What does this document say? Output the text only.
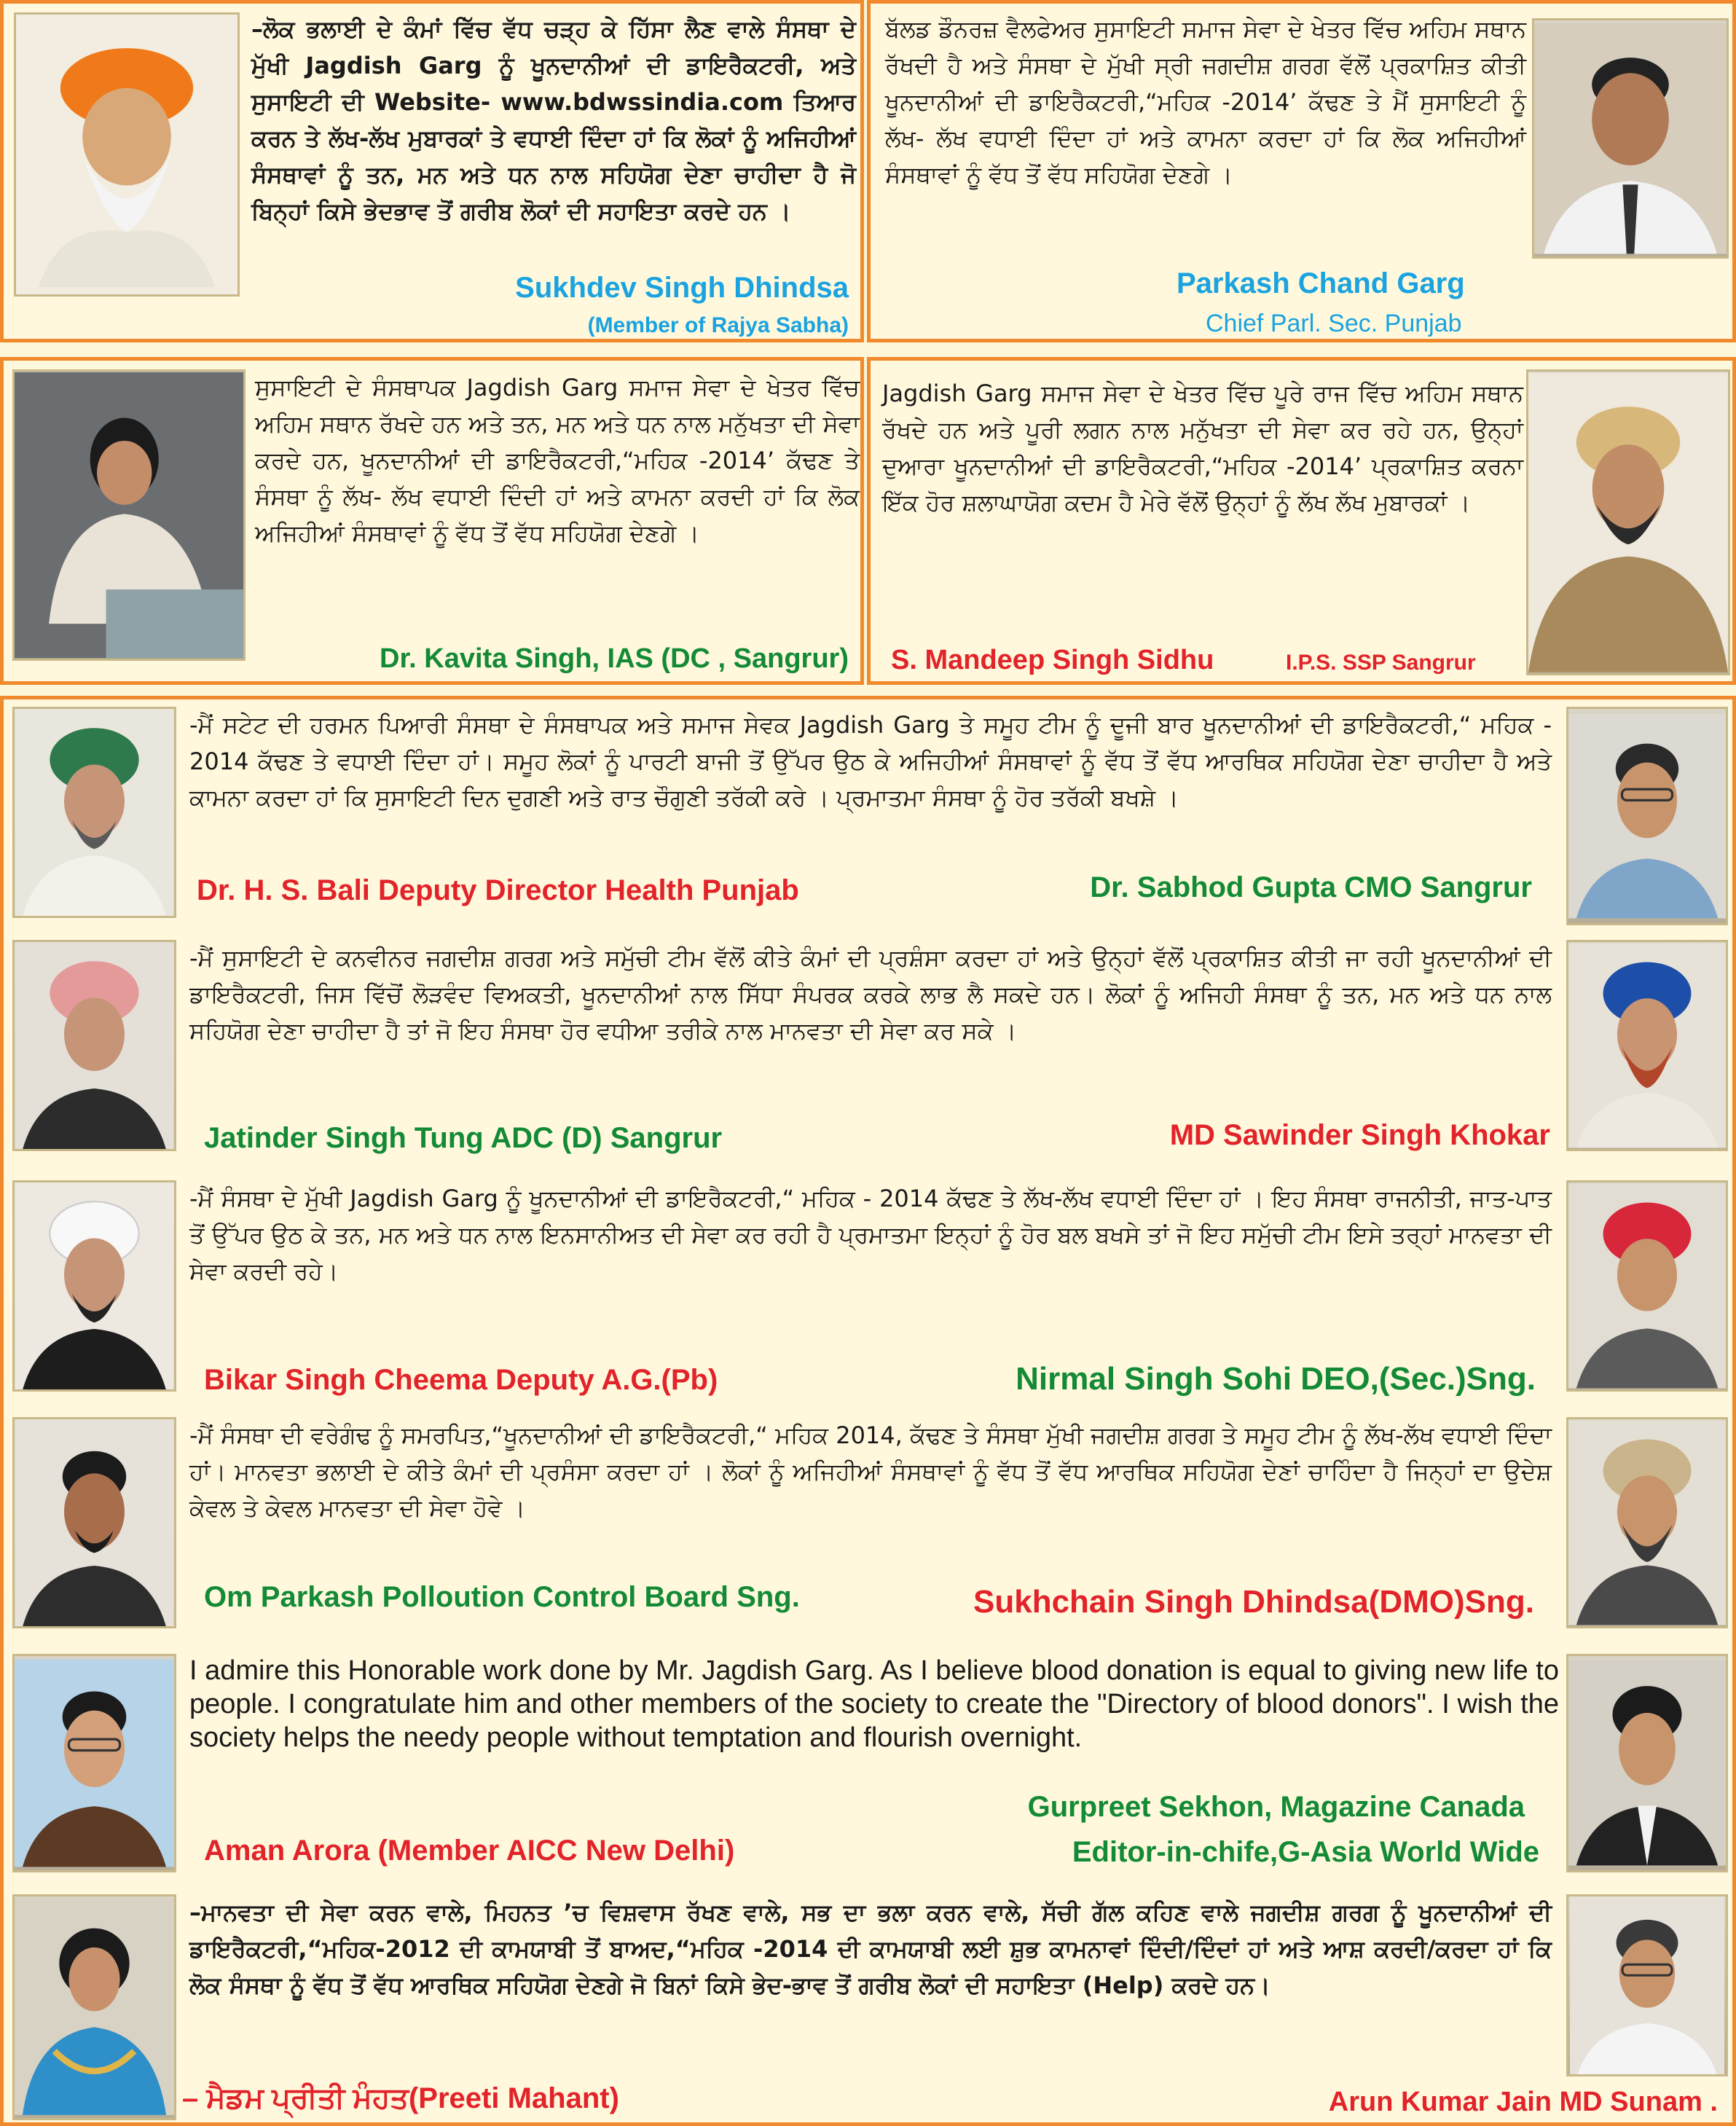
–ਲੋਕ ਭਲਾਈ ਦੇ ਕੰਮਾਂ ਵਿੱਚ ਵੱਧ ਚੜ੍ਹ ਕੇ ਹਿੱਸਾ ਲੈਣ ਵਾਲੇ ਸੰਸਥਾ ਦੇ ਮੁੱਖੀ Jagdish Garg ਨੂੰ ਖੂਨਦਾਨੀਆਂ ਦੀ ਡਾਇਰੈਕਟਰੀ, ਅਤੇ ਸੁਸਾਇਟੀ ਦੀ Website- www.bdwssindia.com ਤਿਆਰ ਕਰਨ ਤੇ ਲੱਖ-ਲੱਖ ਮੁਬਾਰਕਾਂ ਤੇ ਵਧਾਈ ਦਿੰਦਾ ਹਾਂ ਕਿ ਲੋਕਾਂ ਨੂੰ ਅਜਿਹੀਆਂ ਸੰਸਥਾਵਾਂ ਨੂੰ ਤਨ, ਮਨ ਅਤੇ ਧਨ ਨਾਲ ਸਹਿਯੋਗ ਦੇਣਾ ਚਾਹੀਦਾ ਹੈ ਜੋ ਬਿਨ੍ਹਾਂ ਕਿਸੇ ਭੇਦਭਾਵ ਤੋਂ ਗਰੀਬ ਲੋਕਾਂ ਦੀ ਸਹਾਇਤਾ ਕਰਦੇ ਹਨ ।

Sukhdev Singh Dhindsa

(Member of Rajya Sabha)

ਬੱਲਡ ਡੌਨਰਜ਼ ਵੈਲਫੇਅਰ ਸੁਸਾਇਟੀ ਸਮਾਜ ਸੇਵਾ ਦੇ ਖੇਤਰ ਵਿੱਚ ਅਹਿਮ ਸਥਾਨ ਰੱਖਦੀ ਹੈ ਅਤੇ ਸੰਸਥਾ ਦੇ ਮੁੱਖੀ ਸ੍ਰੀ ਜਗਦੀਸ਼ ਗਰਗ ਵੱਲੋਂ ਪ੍ਰਕਾਸ਼ਿਤ ਕੀਤੀ ਖੂਨਦਾਨੀਆਂ ਦੀ ਡਾਇਰੈਕਟਰੀ,“ਮਹਿਕ -2014’ ਕੱਢਣ ਤੇ ਮੈਂ ਸੁਸਾਇਟੀ ਨੂੰ ਲੱਖ- ਲੱਖ ਵਧਾਈ ਦਿੰਦਾ ਹਾਂ ਅਤੇ ਕਾਮਨਾ ਕਰਦਾ ਹਾਂ ਕਿ ਲੋਕ ਅਜਿਹੀਆਂ ਸੰਸਥਾਵਾਂ ਨੂੰ ਵੱਧ ਤੋਂ ਵੱਧ ਸਹਿਯੋਗ ਦੇਣਗੇ ।

Parkash Chand Garg

Chief Parl. Sec. Punjab

ਸੁਸਾਇਟੀ ਦੇ ਸੰਸਥਾਪਕ Jagdish Garg ਸਮਾਜ ਸੇਵਾ ਦੇ ਖੇਤਰ ਵਿੱਚ ਅਹਿਮ ਸਥਾਨ ਰੱਖਦੇ ਹਨ ਅਤੇ ਤਨ, ਮਨ ਅਤੇ ਧਨ ਨਾਲ ਮਨੁੱਖਤਾ ਦੀ ਸੇਵਾ ਕਰਦੇ ਹਨ, ਖੂਨਦਾਨੀਆਂ ਦੀ ਡਾਇਰੈਕਟਰੀ,“ਮਹਿਕ -2014’ ਕੱਢਣ ਤੇ ਸੰਸਥਾ ਨੂੰ ਲੱਖ- ਲੱਖ ਵਧਾਈ ਦਿੰਦੀ ਹਾਂ ਅਤੇ ਕਾਮਨਾ ਕਰਦੀ ਹਾਂ ਕਿ ਲੋਕ ਅਜਿਹੀਆਂ ਸੰਸਥਾਵਾਂ ਨੂੰ ਵੱਧ ਤੋਂ ਵੱਧ ਸਹਿਯੋਗ ਦੇਣਗੇ ।

Dr. Kavita Singh, IAS (DC , Sangrur)

Jagdish Garg ਸਮਾਜ ਸੇਵਾ ਦੇ ਖੇਤਰ ਵਿੱਚ ਪੂਰੇ ਰਾਜ ਵਿੱਚ ਅਹਿਮ ਸਥਾਨ ਰੱਖਦੇ ਹਨ ਅਤੇ ਪੂਰੀ ਲਗਨ ਨਾਲ ਮਨੁੱਖਤਾ ਦੀ ਸੇਵਾ ਕਰ ਰਹੇ ਹਨ, ਉਨ੍ਹਾਂ ਦੁਆਰਾ ਖੂਨਦਾਨੀਆਂ ਦੀ ਡਾਇਰੈਕਟਰੀ,“ਮਹਿਕ -2014’ ਪ੍ਰਕਾਸ਼ਿਤ ਕਰਨਾ ਇੱਕ ਹੋਰ ਸ਼ਲਾਘਾਯੋਗ ਕਦਮ ਹੈ ਮੇਰੇ ਵੱਲੋਂ ਉਨ੍ਹਾਂ ਨੂੰ ਲੱਖ ਲੱਖ ਮੁਬਾਰਕਾਂ ।

S. Mandeep Singh Sidhu	I.P.S. SSP Sangrur

-ਮੈਂ ਸਟੇਟ ਦੀ ਹਰਮਨ ਪਿਆਰੀ ਸੰਸਥਾ ਦੇ ਸੰਸਥਾਪਕ ਅਤੇ ਸਮਾਜ ਸੇਵਕ Jagdish Garg ਤੇ ਸਮੂਹ ਟੀਮ ਨੂੰ ਦੂਜੀ ਬਾਰ ਖੂਨਦਾਨੀਆਂ ਦੀ ਡਾਇਰੈਕਟਰੀ,“ ਮਹਿਕ - 2014 ਕੱਢਣ ਤੇ ਵਧਾਈ ਦਿੰਦਾ ਹਾਂ। ਸਮੂਹ ਲੋਕਾਂ ਨੂੰ ਪਾਰਟੀ ਬਾਜੀ ਤੋਂ ਉੱਪਰ ਉਠ ਕੇ ਅਜਿਹੀਆਂ ਸੰਸਥਾਵਾਂ ਨੂੰ ਵੱਧ ਤੋਂ ਵੱਧ ਆਰਥਿਕ ਸਹਿਯੋਗ ਦੇਣਾ ਚਾਹੀਦਾ ਹੈ ਅਤੇ ਕਾਮਨਾ ਕਰਦਾ ਹਾਂ ਕਿ ਸੁਸਾਇਟੀ ਦਿਨ ਦੁਗਣੀ ਅਤੇ ਰਾਤ ਚੌਗੁਣੀ ਤਰੱਕੀ ਕਰੇ । ਪ੍ਰਮਾਤਮਾ ਸੰਸਥਾ ਨੂੰ ਹੋਰ ਤਰੱਕੀ ਬਖਸ਼ੇ ।

Dr. H. S. Bali Deputy Director Health Punjab	Dr. Sabhod Gupta CMO Sangrur

-ਮੈਂ ਸੁਸਾਇਟੀ ਦੇ ਕਨਵੀਨਰ ਜਗਦੀਸ਼ ਗਰਗ ਅਤੇ ਸਮੁੱਚੀ ਟੀਮ ਵੱਲੋਂ ਕੀਤੇ ਕੰਮਾਂ ਦੀ ਪ੍ਰਸ਼ੰਸਾ ਕਰਦਾ ਹਾਂ ਅਤੇ ਉਨ੍ਹਾਂ ਵੱਲੋਂ ਪ੍ਰਕਾਸ਼ਿਤ ਕੀਤੀ ਜਾ ਰਹੀ ਖੂਨਦਾਨੀਆਂ ਦੀ ਡਾਇਰੈਕਟਰੀ, ਜਿਸ ਵਿੱਚੋਂ ਲੋੜਵੰਦ ਵਿਅਕਤੀ, ਖੂਨਦਾਨੀਆਂ ਨਾਲ ਸਿੱਧਾ ਸੰਪਰਕ ਕਰਕੇ ਲਾਭ ਲੈ ਸਕਦੇ ਹਨ। ਲੋਕਾਂ ਨੂੰ ਅਜਿਹੀ ਸੰਸਥਾ ਨੂੰ ਤਨ, ਮਨ ਅਤੇ ਧਨ ਨਾਲ ਸਹਿਯੋਗ ਦੇਣਾ ਚਾਹੀਦਾ ਹੈ ਤਾਂ ਜੋ ਇਹ ਸੰਸਥਾ ਹੋਰ ਵਧੀਆ ਤਰੀਕੇ ਨਾਲ ਮਾਨਵਤਾ ਦੀ ਸੇਵਾ ਕਰ ਸਕੇ ।

Jatinder Singh Tung ADC (D) Sangrur	MD Sawinder Singh Khokar

-ਮੈਂ ਸੰਸਥਾ ਦੇ ਮੁੱਖੀ Jagdish Garg ਨੂੰ ਖੂਨਦਾਨੀਆਂ ਦੀ ਡਾਇਰੈਕਟਰੀ,“ ਮਹਿਕ - 2014 ਕੱਢਣ ਤੇ ਲੱਖ-ਲੱਖ ਵਧਾਈ ਦਿੰਦਾ ਹਾਂ । ਇਹ ਸੰਸਥਾ ਰਾਜਨੀਤੀ, ਜਾਤ-ਪਾਤ ਤੋਂ ਉੱਪਰ ਉਠ ਕੇ ਤਨ, ਮਨ ਅਤੇ ਧਨ ਨਾਲ ਇਨਸਾਨੀਅਤ ਦੀ ਸੇਵਾ ਕਰ ਰਹੀ ਹੈ ਪ੍ਰਮਾਤਮਾ ਇਨ੍ਹਾਂ ਨੂੰ ਹੋਰ ਬਲ ਬਖਸੇ ਤਾਂ ਜੋ ਇਹ ਸਮੁੱਚੀ ਟੀਮ ਇਸੇ ਤਰ੍ਹਾਂ ਮਾਨਵਤਾ ਦੀ ਸੇਵਾ ਕਰਦੀ ਰਹੇ।

Bikar Singh Cheema Deputy A.G.(Pb)	Nirmal Singh Sohi DEO,(Sec.)Sng.

-ਮੈਂ ਸੰਸਥਾ ਦੀ ਵਰੇਗੰਢ ਨੂੰ ਸਮਰਪਿਤ,“ਖੂਨਦਾਨੀਆਂ ਦੀ ਡਾਇਰੈਕਟਰੀ,“ ਮਹਿਕ 2014, ਕੱਢਣ ਤੇ ਸੰਸਥਾ ਮੁੱਖੀ ਜਗਦੀਸ਼ ਗਰਗ ਤੇ ਸਮੂਹ ਟੀਮ ਨੂੰ ਲੱਖ-ਲੱਖ ਵਧਾਈ ਦਿੰਦਾ ਹਾਂ। ਮਾਨਵਤਾ ਭਲਾਈ ਦੇ ਕੀਤੇ ਕੰਮਾਂ ਦੀ ਪ੍ਰਸੰਸਾ ਕਰਦਾ ਹਾਂ । ਲੋਕਾਂ ਨੂੰ ਅਜਿਹੀਆਂ ਸੰਸਥਾਵਾਂ ਨੂੰ ਵੱਧ ਤੋਂ ਵੱਧ ਆਰਥਿਕ ਸਹਿਯੋਗ ਦੇਣਾਂ ਚਾਹਿੰਦਾ ਹੈ ਜਿਨ੍ਹਾਂ ਦਾ ਉਦੇਸ਼ ਕੇਵਲ ਤੇ ਕੇਵਲ ਮਾਨਵਤਾ ਦੀ ਸੇਵਾ ਹੋਵੇ ।

Om Parkash Polloution Control Board Sng.	Sukhchain Singh Dhindsa(DMO)Sng.

I admire this Honorable work done by Mr. Jagdish Garg. As I believe blood donation is equal to giving new life to people. I congratulate him and other members of the society to create the "Directory of blood donors". I wish the society helps the needy people without temptation and flourish overnight.

Aman Arora (Member AICC New Delhi)

Gurpreet Sekhon, Magazine Canada

Editor-in-chife,G-Asia World Wide

–ਮਾਨਵਤਾ ਦੀ ਸੇਵਾ ਕਰਨ ਵਾਲੇ, ਮਿਹਨਤ ’ਚ ਵਿਸ਼ਵਾਸ ਰੱਖਣ ਵਾਲੇ, ਸਭ ਦਾ ਭਲਾ ਕਰਨ ਵਾਲੇ, ਸੱਚੀ ਗੱਲ ਕਹਿਣ ਵਾਲੇ ਜਗਦੀਸ਼ ਗਰਗ ਨੂੰ ਖੂਨਦਾਨੀਆਂ ਦੀ ਡਾਇਰੈਕਟਰੀ,“ਮਹਿਕ-2012 ਦੀ ਕਾਮਯਾਬੀ ਤੋਂ ਬਾਅਦ,“ਮਹਿਕ -2014 ਦੀ ਕਾਮਯਾਬੀ ਲਈ ਸ਼ੁਭ ਕਾਮਨਾਵਾਂ ਦਿੰਦੀ/ਦਿੰਦਾਂ ਹਾਂ ਅਤੇ ਆਸ਼ ਕਰਦੀ/ਕਰਦਾ ਹਾਂ ਕਿ ਲੋਕ ਸੰਸਥਾ ਨੂੰ ਵੱਧ ਤੋਂ ਵੱਧ ਆਰਥਿਕ ਸਹਿਯੋਗ ਦੇਣਗੇ ਜੋ ਬਿਨਾਂ ਕਿਸੇ ਭੇਦ-ਭਾਵ ਤੋਂ ਗਰੀਬ ਲੋਕਾਂ ਦੀ ਸਹਾਇਤਾ (Help) ਕਰਦੇ ਹਨ।

– ਮੈਡਮ ਪ੍ਰੀਤੀ ਮੰਹਤ(Preeti Mahant)	Arun Kumar Jain MD Sunam .
